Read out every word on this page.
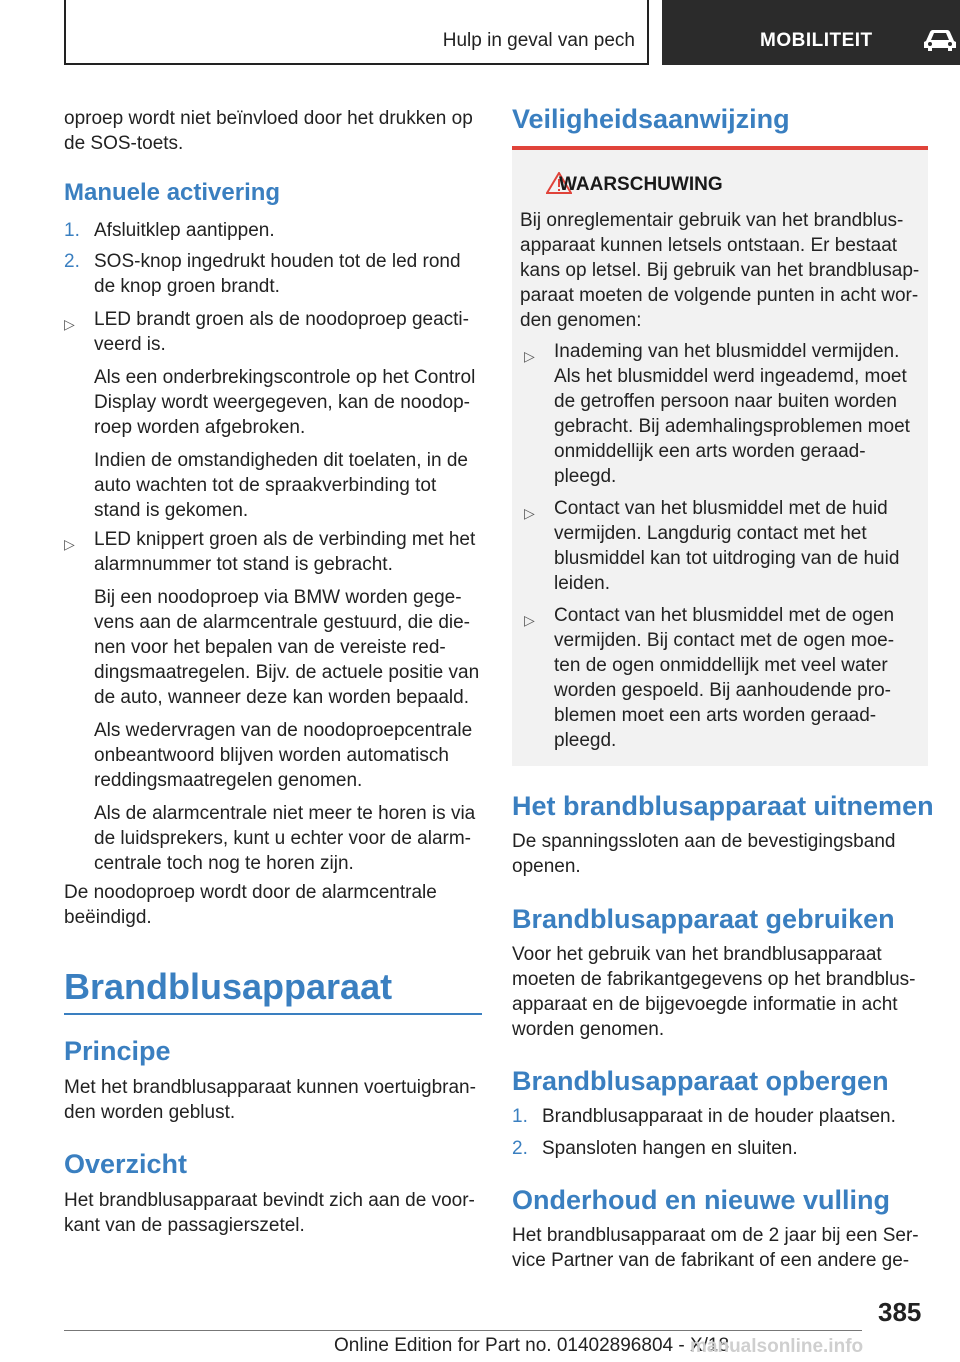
Hulp in geval van pech	MOBILITEIT
oproep wordt niet beïnvloed door het drukken op
de SOS-toets.
Manuele activering
1. Afsluitklep aantippen.
2. SOS-knop ingedrukt houden tot de led rond
de knop groen brandt.
▷ LED brandt groen als de noodoproep geacti-
veerd is.
Als een onderbrekingscontrole op het Control
Display wordt weergegeven, kan de noodop-
roep worden afgebroken.
Indien de omstandigheden dit toelaten, in de
auto wachten tot de spraakverbinding tot
stand is gekomen.
▷ LED knippert groen als de verbinding met het
alarmnummer tot stand is gebracht.
Bij een noodoproep via BMW worden gege-
vens aan de alarmcentrale gestuurd, die die-
nen voor het bepalen van de vereiste red-
dingsmaatregelen. Bijv. de actuele positie van
de auto, wanneer deze kan worden bepaald.
Als wedervragen van de noodoproepcentrale
onbeantwoord blijven worden automatisch
reddingsmaatregelen genomen.
Als de alarmcentrale niet meer te horen is via
de luidsprekers, kunt u echter voor de alarm-
centrale toch nog te horen zijn.
De noodoproep wordt door de alarmcentrale
beëindigd.
Brandblusapparaat
Principe
Met het brandblusapparaat kunnen voertuigbran-
den worden geblust.
Overzicht
Het brandblusapparaat bevindt zich aan de voor-
kant van de passagierszetel.
Veiligheidsaanwijzing
WAARSCHUWING
Bij onreglementair gebruik van het brandblus-
apparaat kunnen letsels ontstaan. Er bestaat
kans op letsel. Bij gebruik van het brandblusap-
paraat moeten de volgende punten in acht wor-
den genomen:
▷ Inademing van het blusmiddel vermijden.
Als het blusmiddel werd ingeademd, moet
de getroffen persoon naar buiten worden
gebracht. Bij ademhalingsproblemen moet
onmiddellijk een arts worden geraad-
pleegd.
▷ Contact van het blusmiddel met de huid
vermijden. Langdurig contact met het
blusmiddel kan tot uitdroging van de huid
leiden.
▷ Contact van het blusmiddel met de ogen
vermijden. Bij contact met de ogen moe-
ten de ogen onmiddellijk met veel water
worden gespoeld. Bij aanhoudende pro-
blemen moet een arts worden geraad-
pleegd.
Het brandblusapparaat uitnemen
De spanningssloten aan de bevestigingsband
openen.
Brandblusapparaat gebruiken
Voor het gebruik van het brandblusapparaat
moeten de fabrikantgegevens op het brandblus-
apparaat en de bijgevoegde informatie in acht
worden genomen.
Brandblusapparaat opbergen
1. Brandblusapparaat in de houder plaatsen.
2. Spansloten hangen en sluiten.
Onderhoud en nieuwe vulling
Het brandblusapparaat om de 2 jaar bij een Ser-
vice Partner van de fabrikant of een andere ge-
385
Online Edition for Part no. 01402896804 - X/18
manualsonline.info
